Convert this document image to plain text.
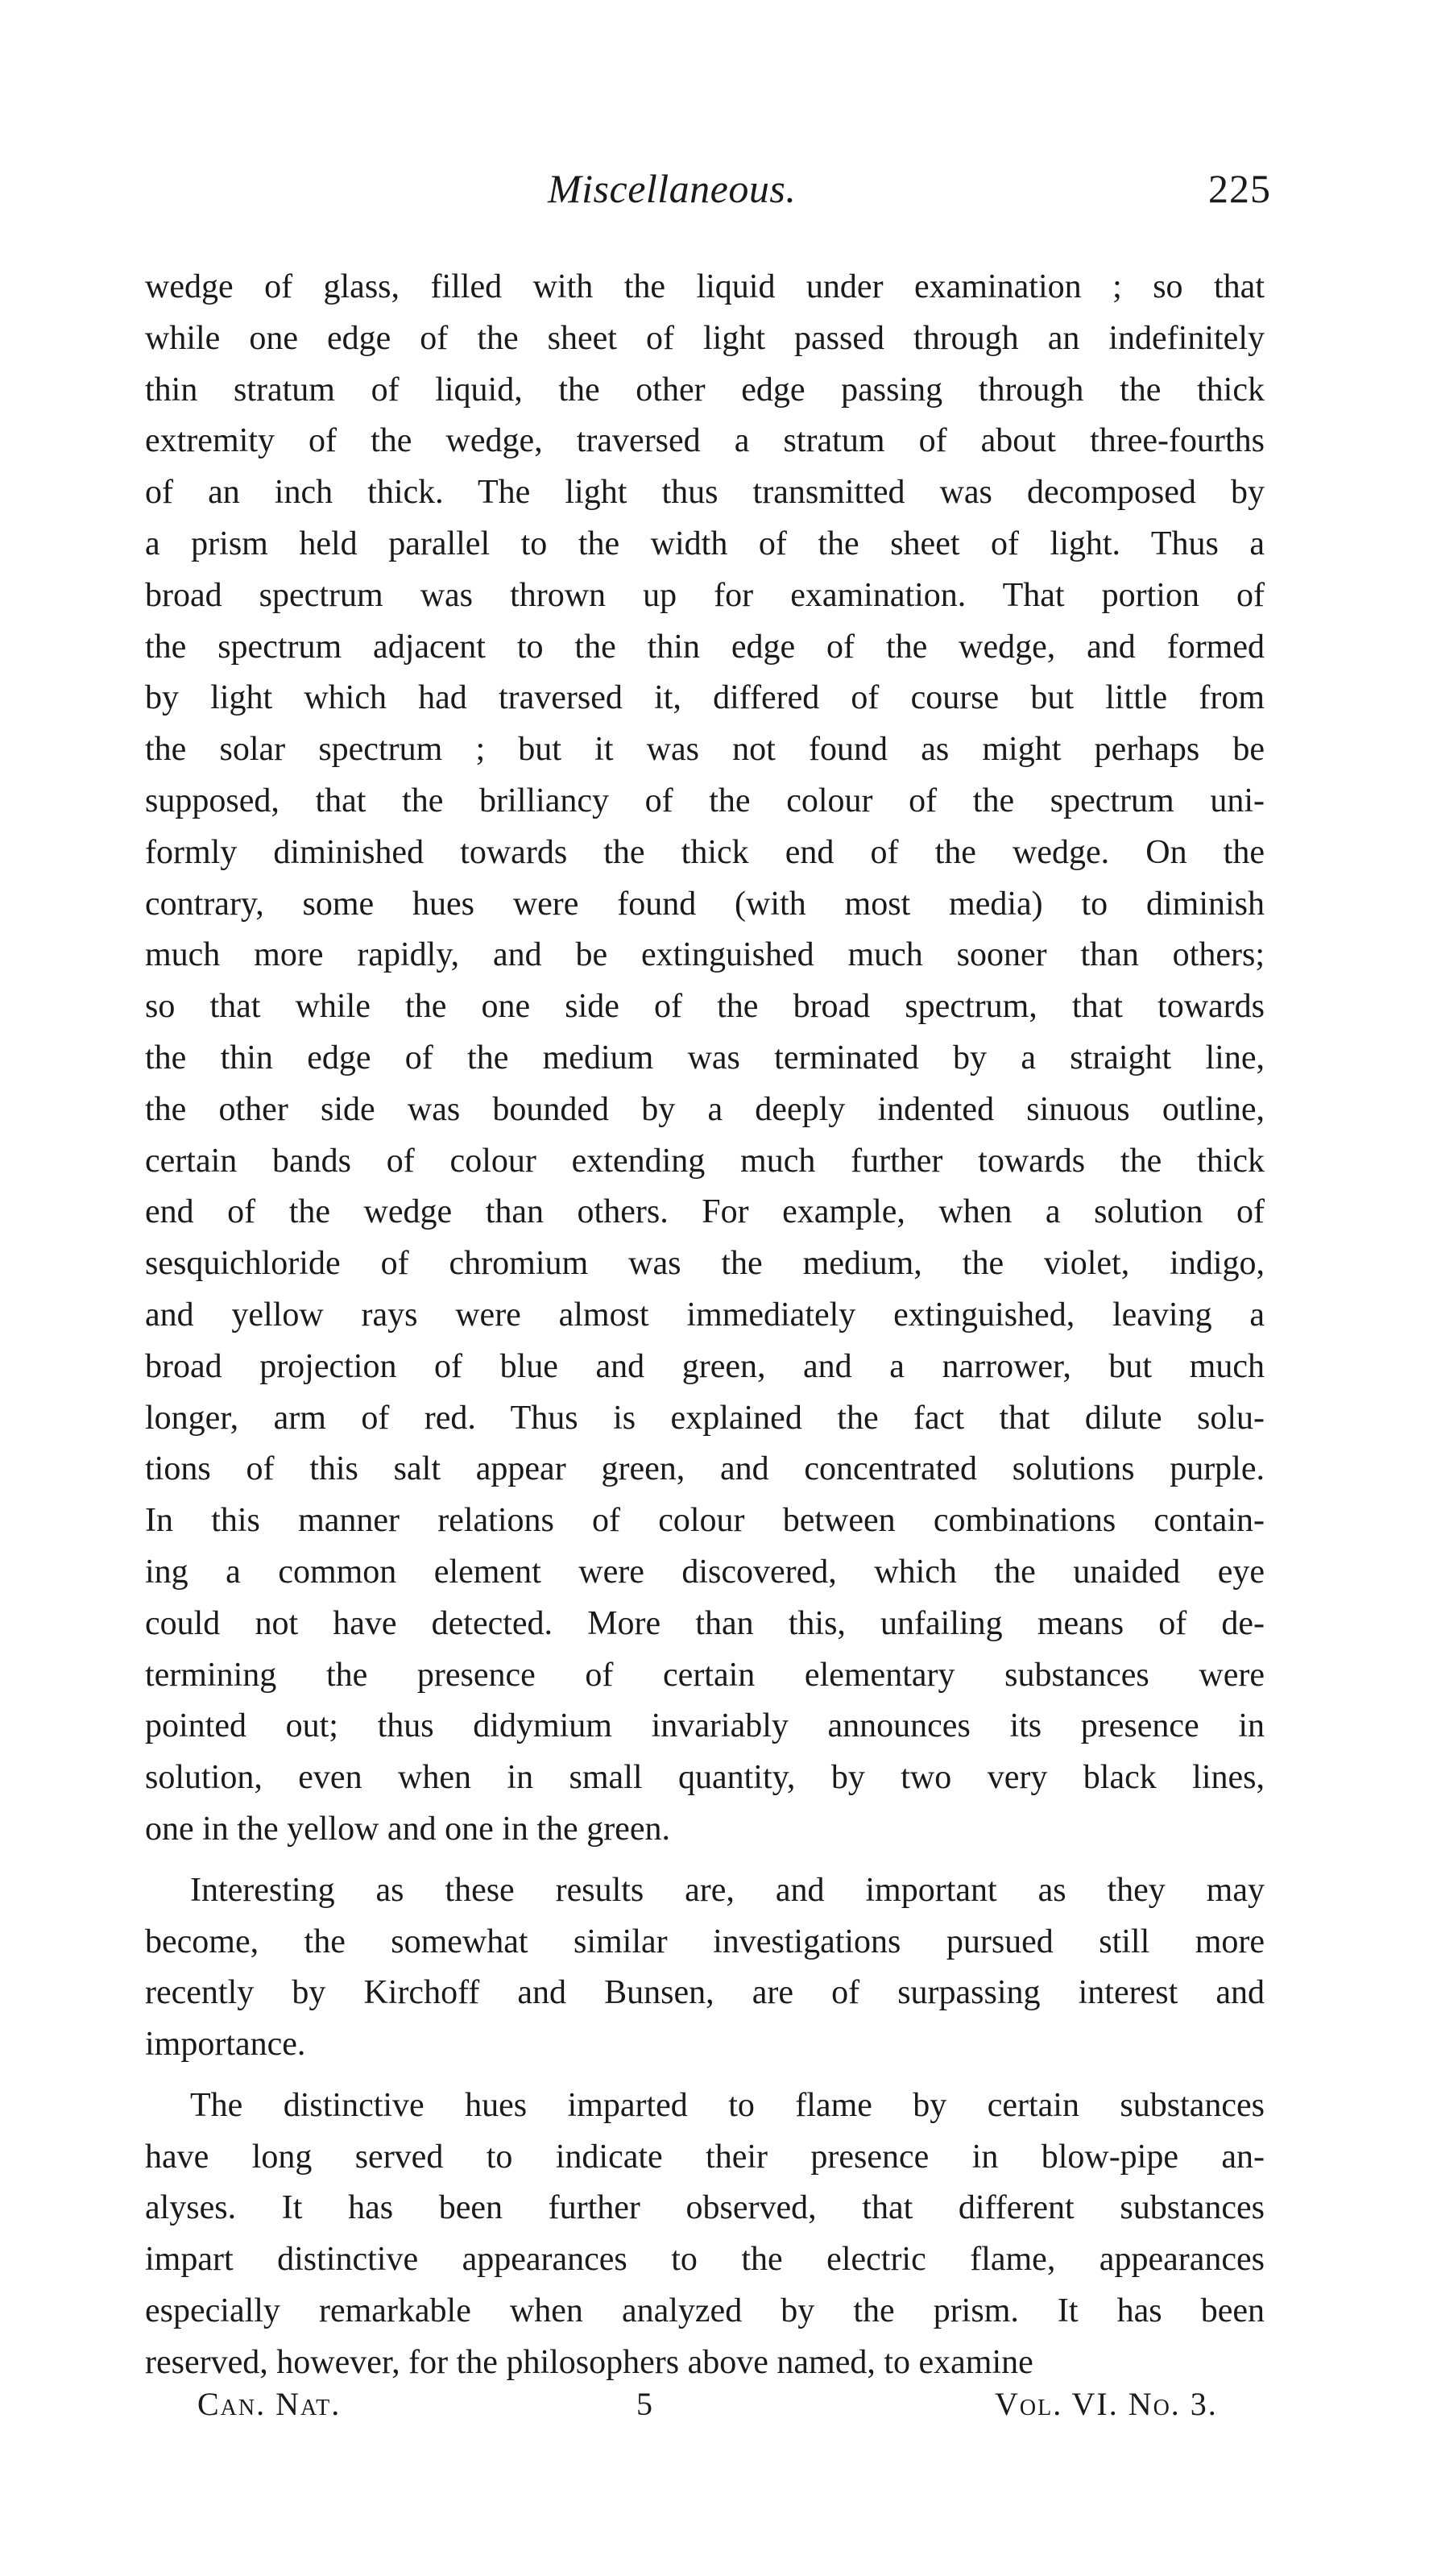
Miscellaneous.	225
wedge of glass, filled with the liquid under examination ; so that
while one edge of the sheet of light passed through an indefinitely
thin stratum of liquid, the other edge passing through the thick
extremity of the wedge, traversed a stratum of about three-fourths
of an inch thick. The light thus transmitted was decomposed by
a prism held parallel to the width of the sheet of light. Thus a
broad spectrum was thrown up for examination. That portion of
the spectrum adjacent to the thin edge of the wedge, and formed
by light which had traversed it, differed of course but little from
the solar spectrum ; but it was not found as might perhaps be
supposed, that the brilliancy of the colour of the spectrum uni-
formly diminished towards the thick end of the wedge. On the
contrary, some hues were found (with most media) to diminish
much more rapidly, and be extinguished much sooner than others;
so that while the one side of the broad spectrum, that towards
the thin edge of the medium was terminated by a straight line,
the other side was bounded by a deeply indented sinuous outline,
certain bands of colour extending much further towards the thick
end of the wedge than others. For example, when a solution of
sesquichloride of chromium was the medium, the violet, indigo,
and yellow rays were almost immediately extinguished, leaving a
broad projection of blue and green, and a narrower, but much
longer, arm of red. Thus is explained the fact that dilute solu-
tions of this salt appear green, and concentrated solutions purple.
In this manner relations of colour between combinations contain-
ing a common element were discovered, which the unaided eye
could not have detected. More than this, unfailing means of de-
termining the presence of certain elementary substances were
pointed out; thus didymium invariably announces its presence in
solution, even when in small quantity, by two very black lines,
one in the yellow and one in the green.
Interesting as these results are, and important as they may
become, the somewhat similar investigations pursued still more
recently by Kirchoff and Bunsen, are of surpassing interest and
importance.
The distinctive hues imparted to flame by certain substances
have long served to indicate their presence in blow-pipe an-
alyses. It has been further observed, that different substances
impart distinctive appearances to the electric flame, appearances
especially remarkable when analyzed by the prism. It has been
reserved, however, for the philosophers above named, to examine
Can. Nat.	5	Vol. VI. No. 3.
